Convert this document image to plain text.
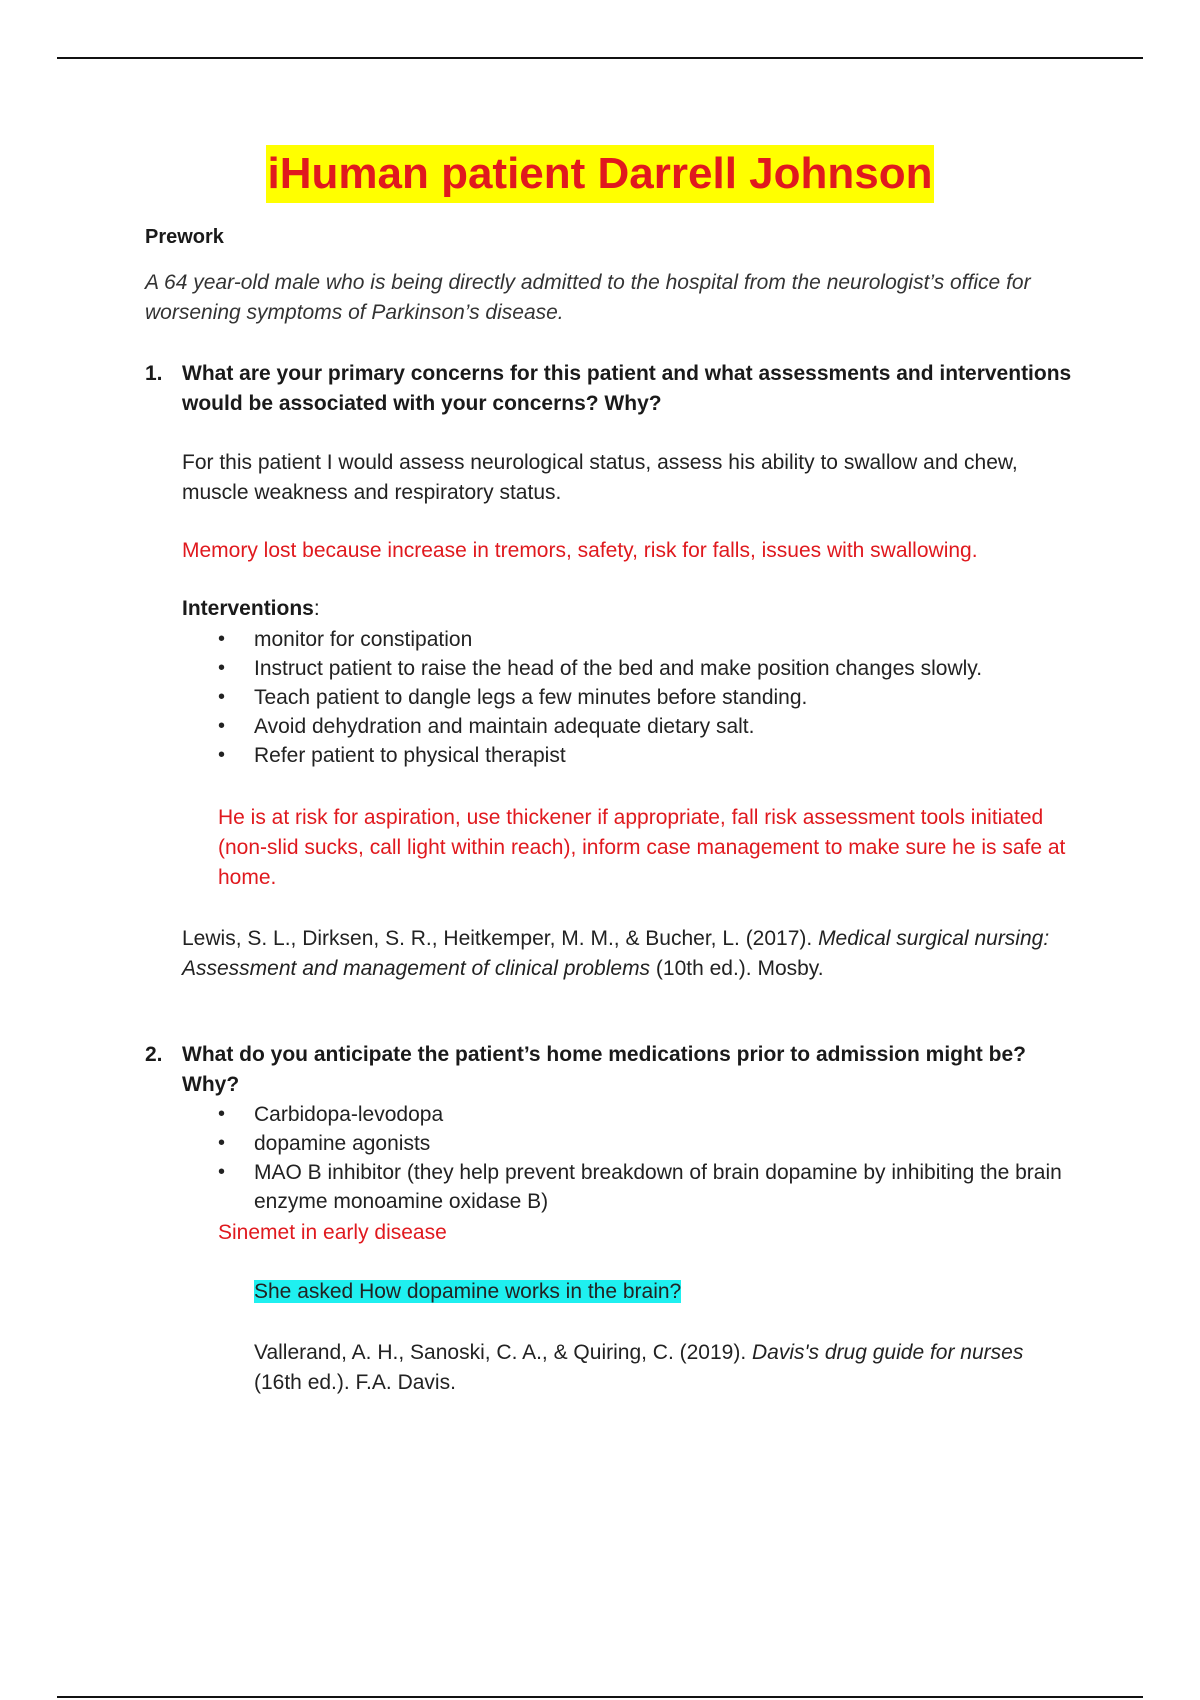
iHuman patient Darrell Johnson
Prework
A 64 year-old male who is being directly admitted to the hospital from the neurologist’s office for worsening symptoms of Parkinson’s disease.
1. What are your primary concerns for this patient and what assessments and interventions would be associated with your concerns? Why?
For this patient I would assess neurological status, assess his ability to swallow and chew, muscle weakness and respiratory status.
Memory lost because increase in tremors, safety, risk for falls, issues with swallowing.
Interventions:
• monitor for constipation
• Instruct patient to raise the head of the bed and make position changes slowly.
• Teach patient to dangle legs a few minutes before standing.
• Avoid dehydration and maintain adequate dietary salt.
• Refer patient to physical therapist
He is at risk for aspiration, use thickener if appropriate, fall risk assessment tools initiated (non-slid sucks, call light within reach), inform case management to make sure he is safe at home.
Lewis, S. L., Dirksen, S. R., Heitkemper, M. M., & Bucher, L. (2017). Medical surgical nursing: Assessment and management of clinical problems (10th ed.). Mosby.
2. What do you anticipate the patient’s home medications prior to admission might be? Why?
• Carbidopa-levodopa
• dopamine agonists
• MAO B inhibitor (they help prevent breakdown of brain dopamine by inhibiting the brain enzyme monoamine oxidase B)
Sinemet in early disease
She asked How dopamine works in the brain?
Vallerand, A. H., Sanoski, C. A., & Quiring, C. (2019). Davis's drug guide for nurses (16th ed.). F.A. Davis.
